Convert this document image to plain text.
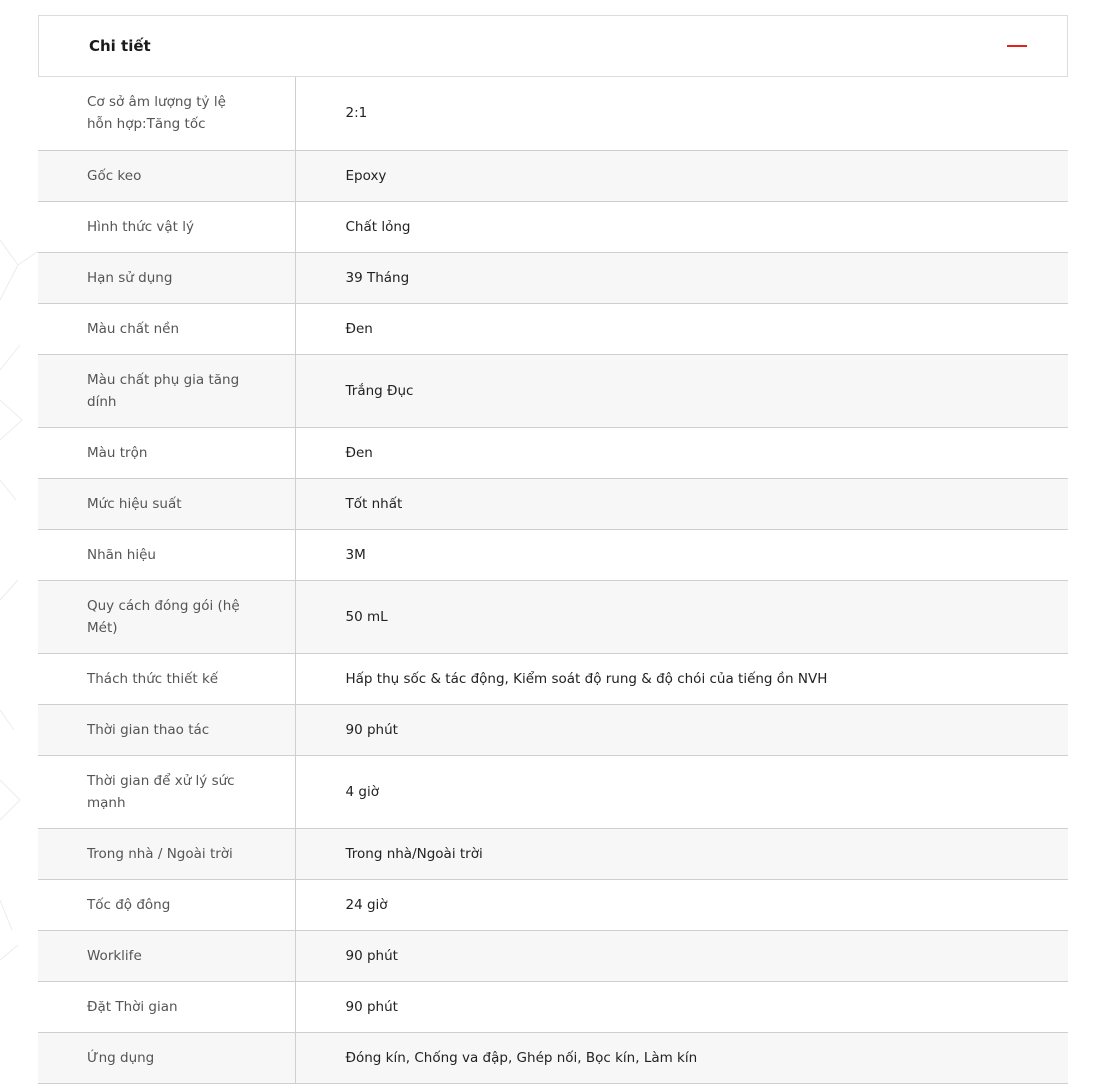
Chi tiết
Cơ sở âm lượng tỷ lệ hỗn hợp:Tăng tốc	2:1
Gốc keo	Epoxy
Hình thức vật lý	Chất lỏng
Hạn sử dụng	39 Tháng
Màu chất nền	Đen
Màu chất phụ gia tăng dính	Trắng Đục
Màu trộn	Đen
Mức hiệu suất	Tốt nhất
Nhãn hiệu	3M
Quy cách đóng gói (hệ Mét)	50 mL
Thách thức thiết kế	Hấp thụ sốc & tác động, Kiểm soát độ rung & độ chói của tiếng ồn NVH
Thời gian thao tác	90 phút
Thời gian để xử lý sức mạnh	4 giờ
Trong nhà / Ngoài trời	Trong nhà/Ngoài trời
Tốc độ đông	24 giờ
Worklife	90 phút
Đặt Thời gian	90 phút
Ứng dụng	Đóng kín, Chống va đập, Ghép nối, Bọc kín, Làm kín
